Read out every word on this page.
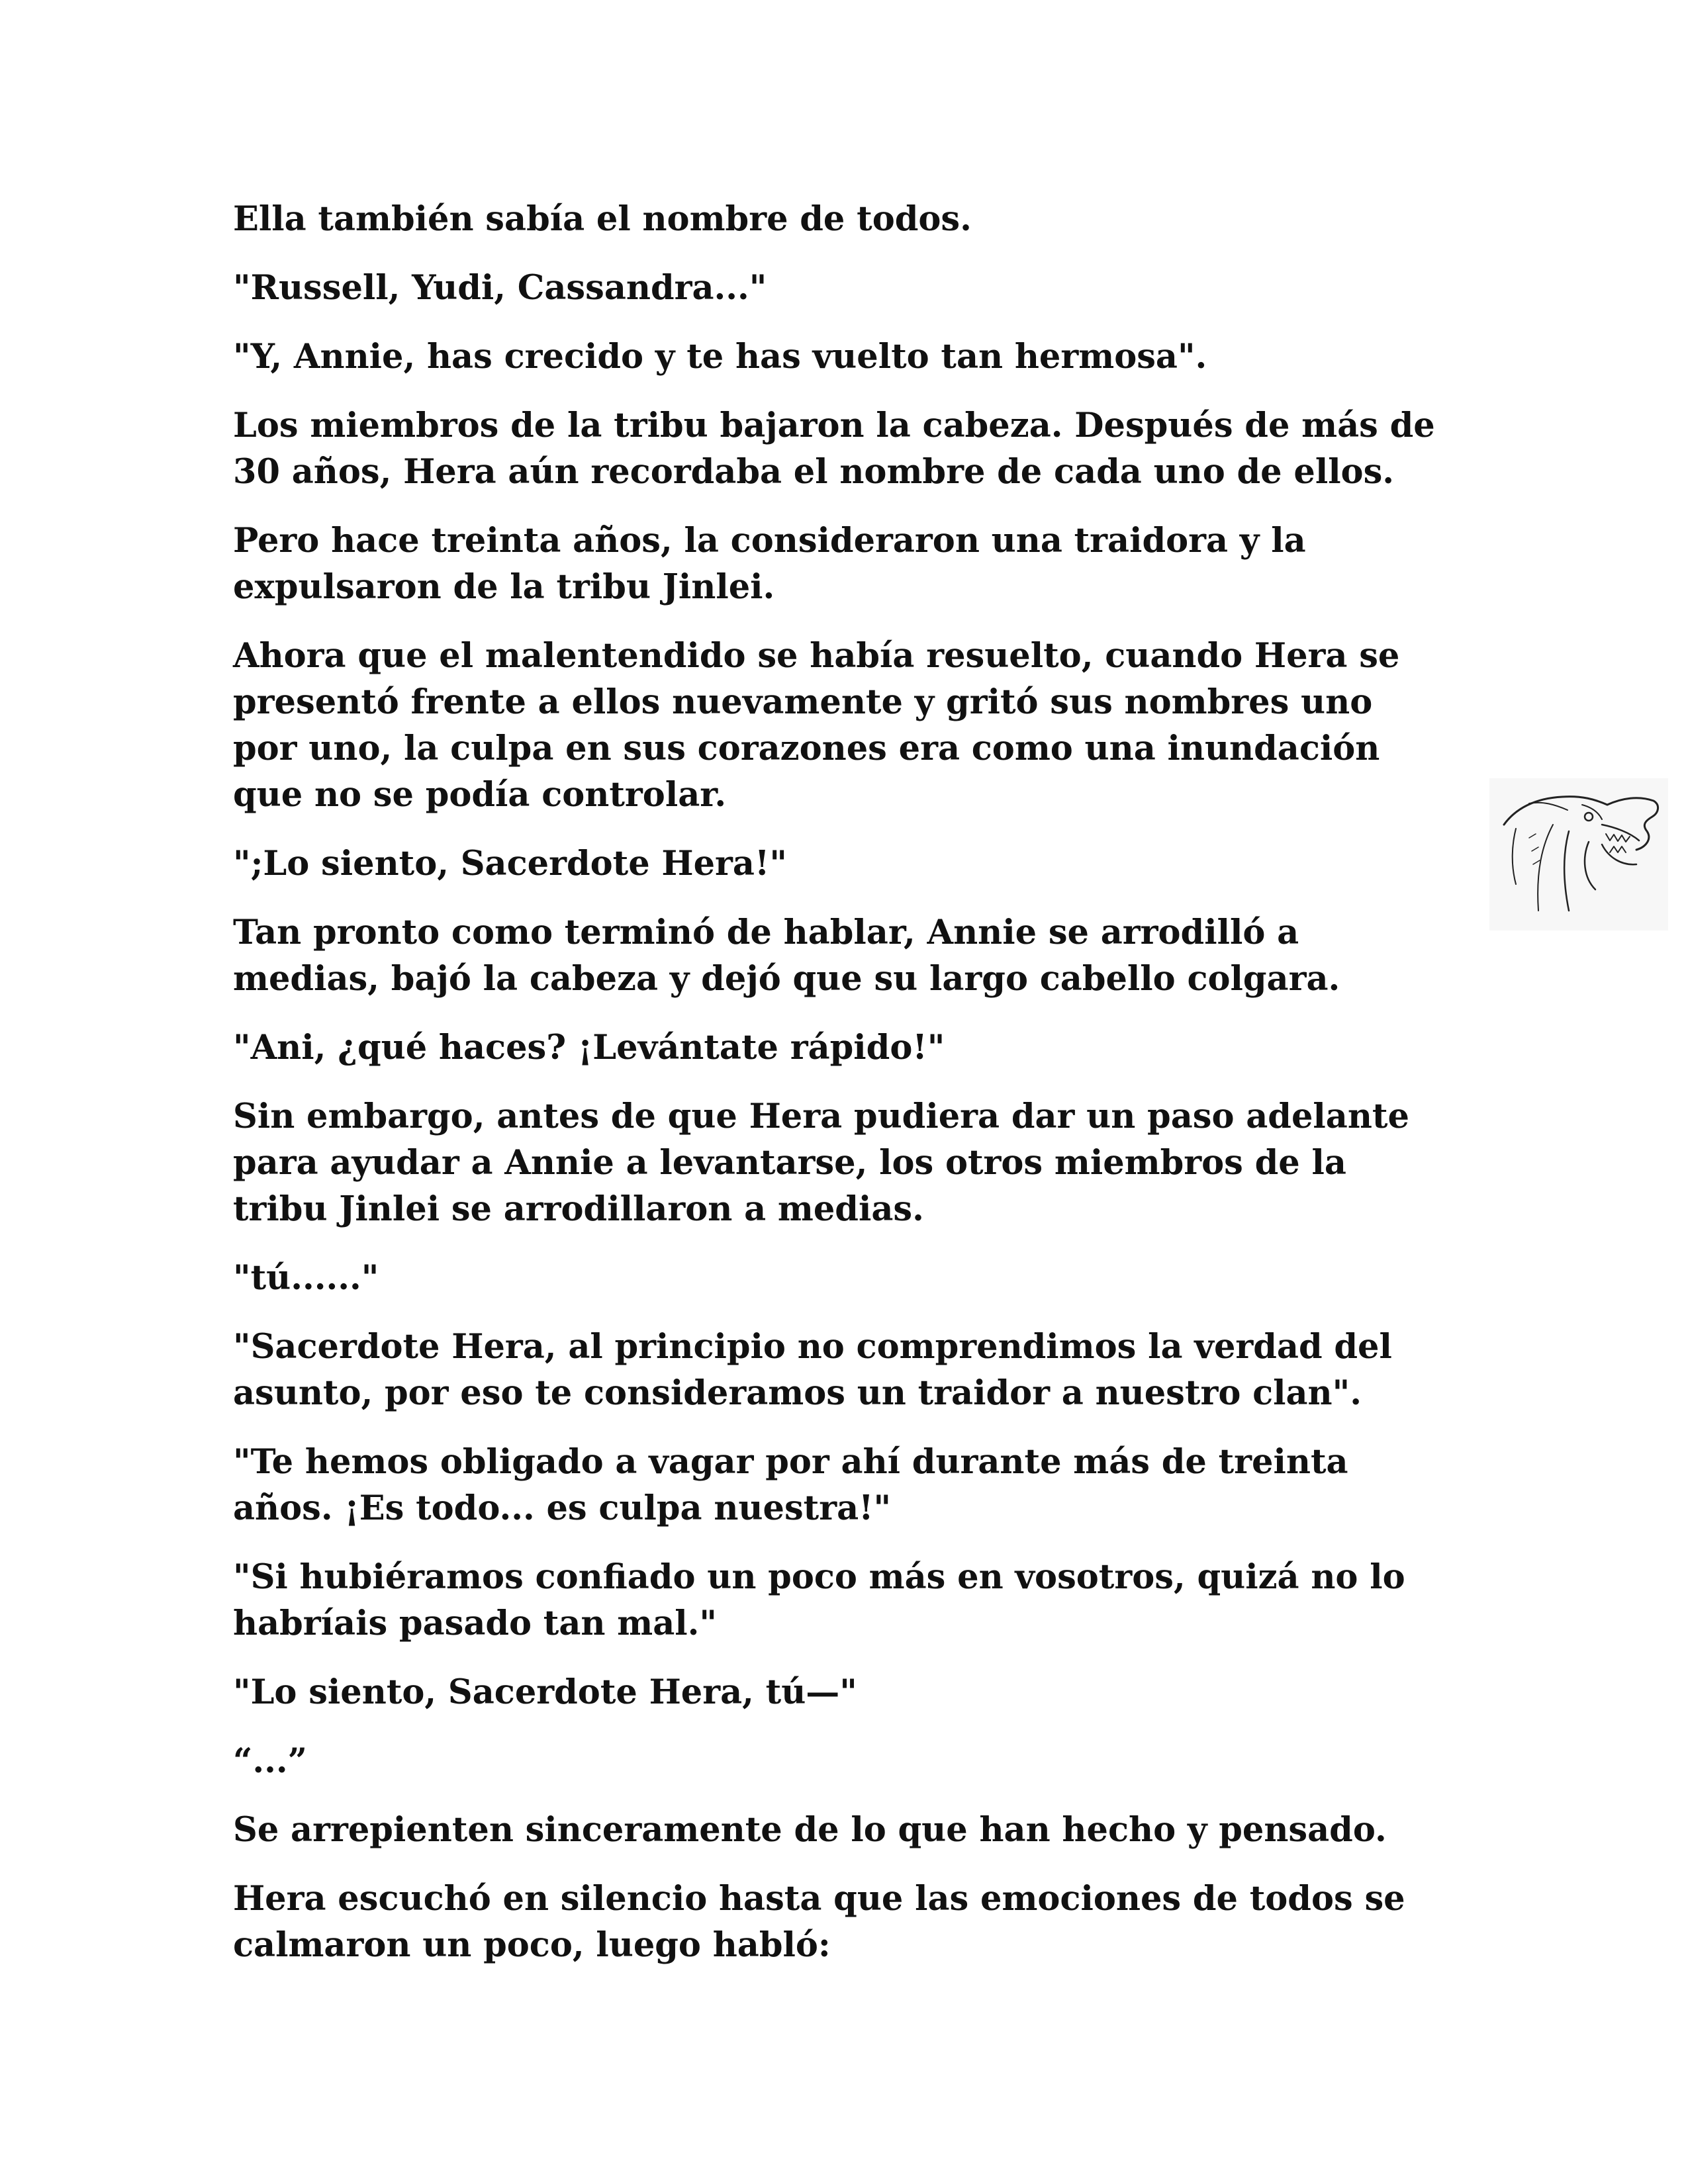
Ella también sabía el nombre de todos.

"Russell, Yudi, Cassandra..."

"Y, Annie, has crecido y te has vuelto tan hermosa".

Los miembros de la tribu bajaron la cabeza. Después de más de
30 años, Hera aún recordaba el nombre de cada uno de ellos.

Pero hace treinta años, la consideraron una traidora y la
expulsaron de la tribu Jinlei.

Ahora que el malentendido se había resuelto, cuando Hera se
presentó frente a ellos nuevamente y gritó sus nombres uno
por uno, la culpa en sus corazones era como una inundación
que no se podía controlar.

";Lo siento, Sacerdote Hera!"

Tan pronto como terminó de hablar, Annie se arrodilló a
medias, bajó la cabeza y dejó que su largo cabello colgara.

"Ani, ¿qué haces? ¡Levántate rápido!"

Sin embargo, antes de que Hera pudiera dar un paso adelante
para ayudar a Annie a levantarse, los otros miembros de la
tribu Jinlei se arrodillaron a medias.

"tú......"

"Sacerdote Hera, al principio no comprendimos la verdad del
asunto, por eso te consideramos un traidor a nuestro clan".

"Te hemos obligado a vagar por ahí durante más de treinta
años. ¡Es todo... es culpa nuestra!"

"Si hubiéramos confiado un poco más en vosotros, quizá no lo
habríais pasado tan mal."

"Lo siento, Sacerdote Hera, tú—"

“...”

Se arrepienten sinceramente de lo que han hecho y pensado.

Hera escuchó en silencio hasta que las emociones de todos se
calmaron un poco, luego habló:
